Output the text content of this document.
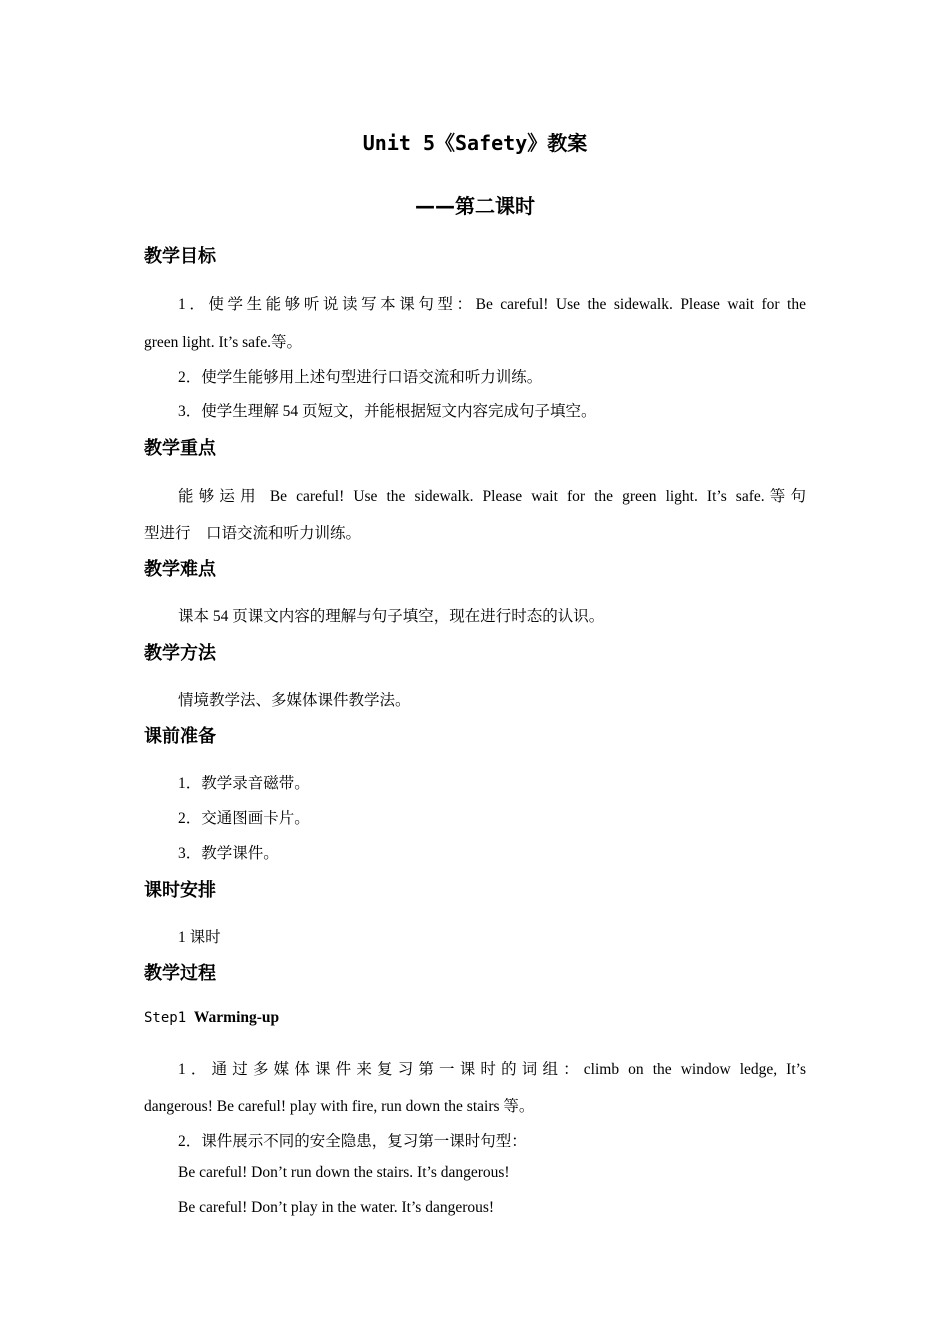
Unit 5《Safety》教案
——第二课时
教学目标

1．使学生能够听说读写本课句型：Be careful! Use the sidewalk. Please wait for the

green light. It’s safe.等。

2．使学生能够用上述句型进行口语交流和听力训练。

3．使学生理解 54 页短文，并能根据短文内容完成句子填空。

教学重点

能够运用 Be careful! Use the sidewalk. Please wait for the green light. It’s safe.等句

型进行　口语交流和听力训练。

教学难点

课本 54 页课文内容的理解与句子填空，现在进行时态的认识。

教学方法

情境教学法、多媒体课件教学法。

课前准备

1．教学录音磁带。

2．交通图画卡片。

3．教学课件。

课时安排

1 课时

教学过程

Step1 Warming-up

1．通过多媒体课件来复习第一课时的词组：climb on the window ledge, It’s

dangerous! Be careful! play with fire, run down the stairs 等。

2．课件展示不同的安全隐患，复习第一课时句型：

Be careful! Don’t run down the stairs. It’s dangerous!

Be careful! Don’t play in the water. It’s dangerous!
